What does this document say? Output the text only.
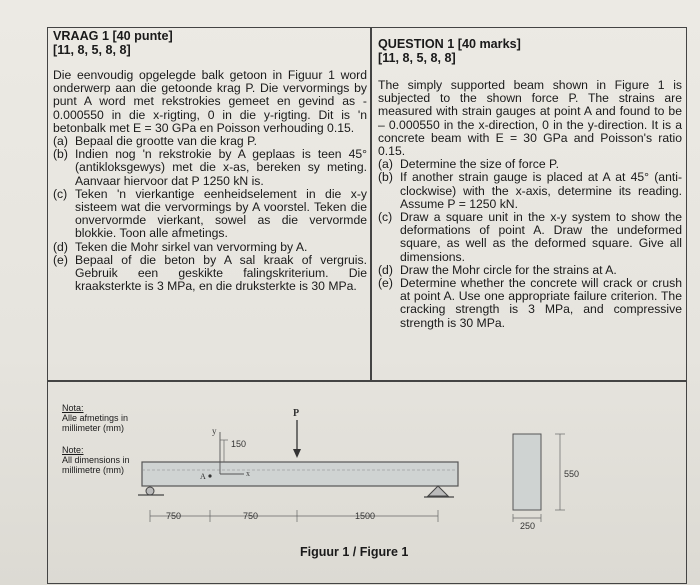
VRAAG 1 [40 punte]
[11, 8, 5, 8, 8]
Die eenvoudig opgelegde balk getoon in Figuur 1 word onderwerp aan die getoonde krag P. Die vervormings by punt A word met rekstrokies gemeet en gevind as - 0.000550 in die x-rigting, 0 in die y-rigting. Dit is 'n betonbalk met E = 30 GPa en Poisson verhouding 0.15.
(a) Bepaal die grootte van die krag P.
(b) Indien nog 'n rekstrokie by A geplaas is teen 45° (antikloksgewys) met die x-as, bereken sy meting. Aanvaar hiervoor dat P 1250 kN is.
(c) Teken 'n vierkantige eenheidselement in die x-y sisteem wat die vervormings by A voorstel. Teken die onvervormde vierkant, sowel as die vervormde blokkie. Toon alle afmetings.
(d) Teken die Mohr sirkel van vervorming by A.
(e) Bepaal of die beton by A sal kraak of vergruis. Gebruik een geskikte falingskriterium. Die kraaksterkte is 3 MPa, en die druksterkte is 30 MPa.
QUESTION 1 [40 marks]
[11, 8, 5, 8, 8]
The simply supported beam shown in Figure 1 is subjected to the shown force P. The strains are measured with strain gauges at point A and found to be – 0.000550 in the x-direction, 0 in the y-direction. It is a concrete beam with E = 30 GPa and Poisson's ratio 0.15.
(a) Determine the size of force P.
(b) If another strain gauge is placed at A at 45° (anti-clockwise) with the x-axis, determine its reading. Assume P = 1250 kN.
(c) Draw a square unit in the x-y system to show the deformations of point A. Draw the undeformed square, as well as the deformed square. Give all dimensions.
(d) Draw the Mohr circle for the strains at A.
(e) Determine whether the concrete will crack or crush at point A. Use one appropriate failure criterion. The cracking strength is 3 MPa, and compressive strength is 30 MPa.
Nota:
Alle afmetings in
millimeter (mm)
Note:
All dimensions in
millimetre (mm)
P
y
x
A
150
750	750	1500
550
250
Figuur 1 / Figure 1
